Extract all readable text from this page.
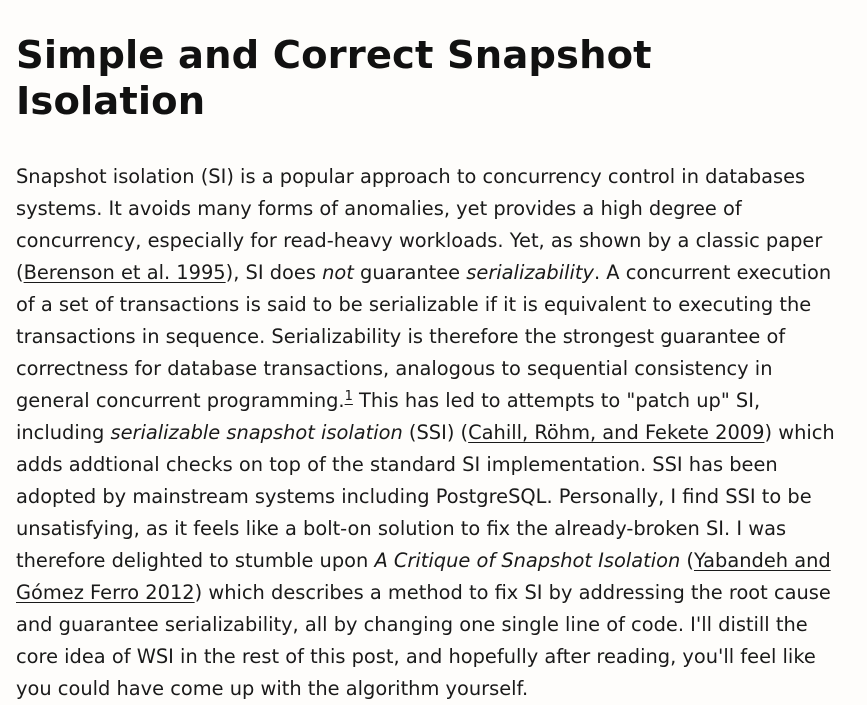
Simple and Correct Snapshot Isolation

Snapshot isolation (SI) is a popular approach to concurrency control in databases systems. It avoids many forms of anomalies, yet provides a high degree of concurrency, especially for read-heavy workloads. Yet, as shown by a classic paper (Berenson et al. 1995), SI does not guarantee serializability. A concurrent execution of a set of transactions is said to be serializable if it is equivalent to executing the transactions in sequence. Serializability is therefore the strongest guarantee of correctness for database transactions, analogous to sequential consistency in general concurrent programming.$^1$ This has led to attempts to "patch up" SI, including serializable snapshot isolation (SSI) (Cahill, Röhm, and Fekete 2009) which adds addtional checks on top of the standard SI implementation. SSI has been adopted by mainstream systems including PostgreSQL. Personally, I find SSI to be unsatisfying, as it feels like a bolt-on solution to fix the already-broken SI. I was therefore delighted to stumble upon A Critique of Snapshot Isolation (Yabandeh and Gómez Ferro 2012) which describes a method to fix SI by addressing the root cause and guarantee serializability, all by changing one single line of code. I'll distill the core idea of WSI in the rest of this post, and hopefully after reading, you'll feel like you could have come up with the algorithm yourself.
